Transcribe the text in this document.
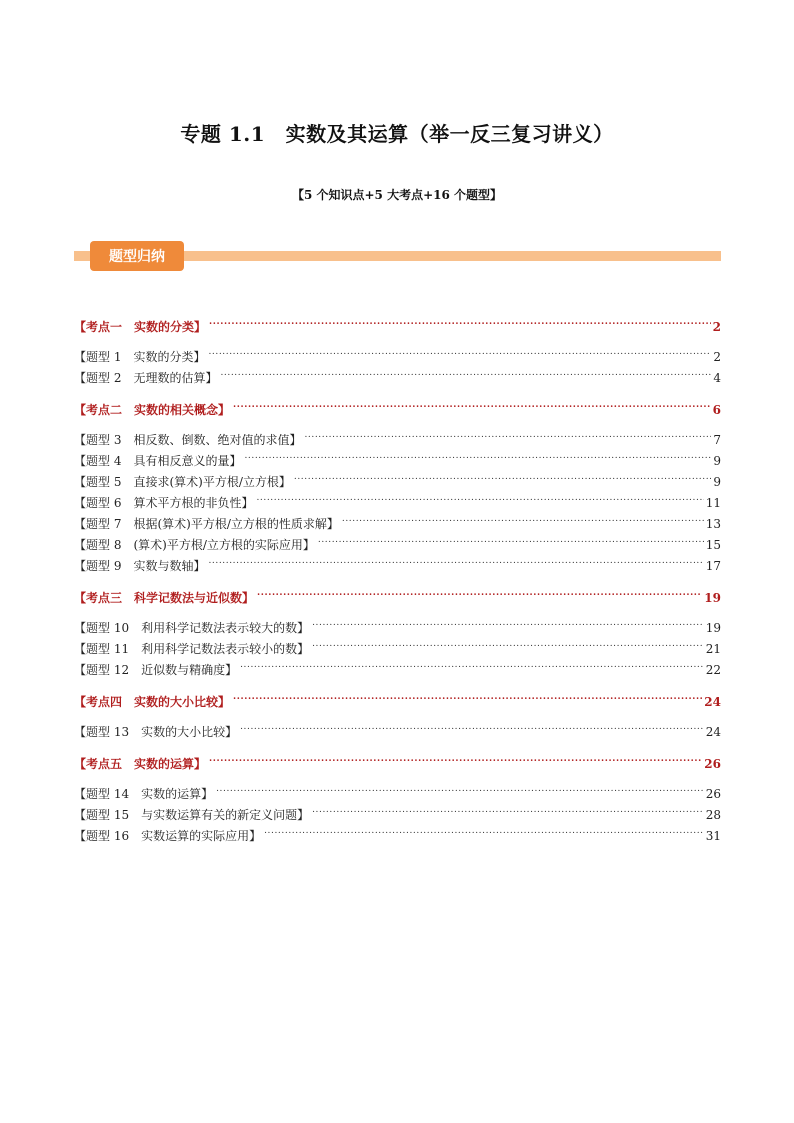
专题 1.1　实数及其运算（举一反三复习讲义）
【5 个知识点+5 大考点+16 个题型】
题型归纳
【考点一　实数的分类】 .....	2
【题型 1　实数的分类】 .....	2
【题型 2　无理数的估算】 .....	4
【考点二　实数的相关概念】 .....	6
【题型 3　相反数、倒数、绝对值的求值】 .....	7
【题型 4　具有相反意义的量】 .....	9
【题型 5　直接求(算术)平方根/立方根】 .....	9
【题型 6　算术平方根的非负性】 .....	11
【题型 7　根据(算术)平方根/立方根的性质求解】 .....	13
【题型 8　(算术)平方根/立方根的实际应用】 .....	15
【题型 9　实数与数轴】 .....	17
【考点三　科学记数法与近似数】 .....	19
【题型 10　利用科学记数法表示较大的数】 .....	19
【题型 11　利用科学记数法表示较小的数】 .....	21
【题型 12　近似数与精确度】 .....	22
【考点四　实数的大小比较】 .....	24
【题型 13　实数的大小比较】 .....	24
【考点五　实数的运算】 .....	26
【题型 14　实数的运算】 .....	26
【题型 15　与实数运算有关的新定义问题】 .....	28
【题型 16　实数运算的实际应用】 .....	31
